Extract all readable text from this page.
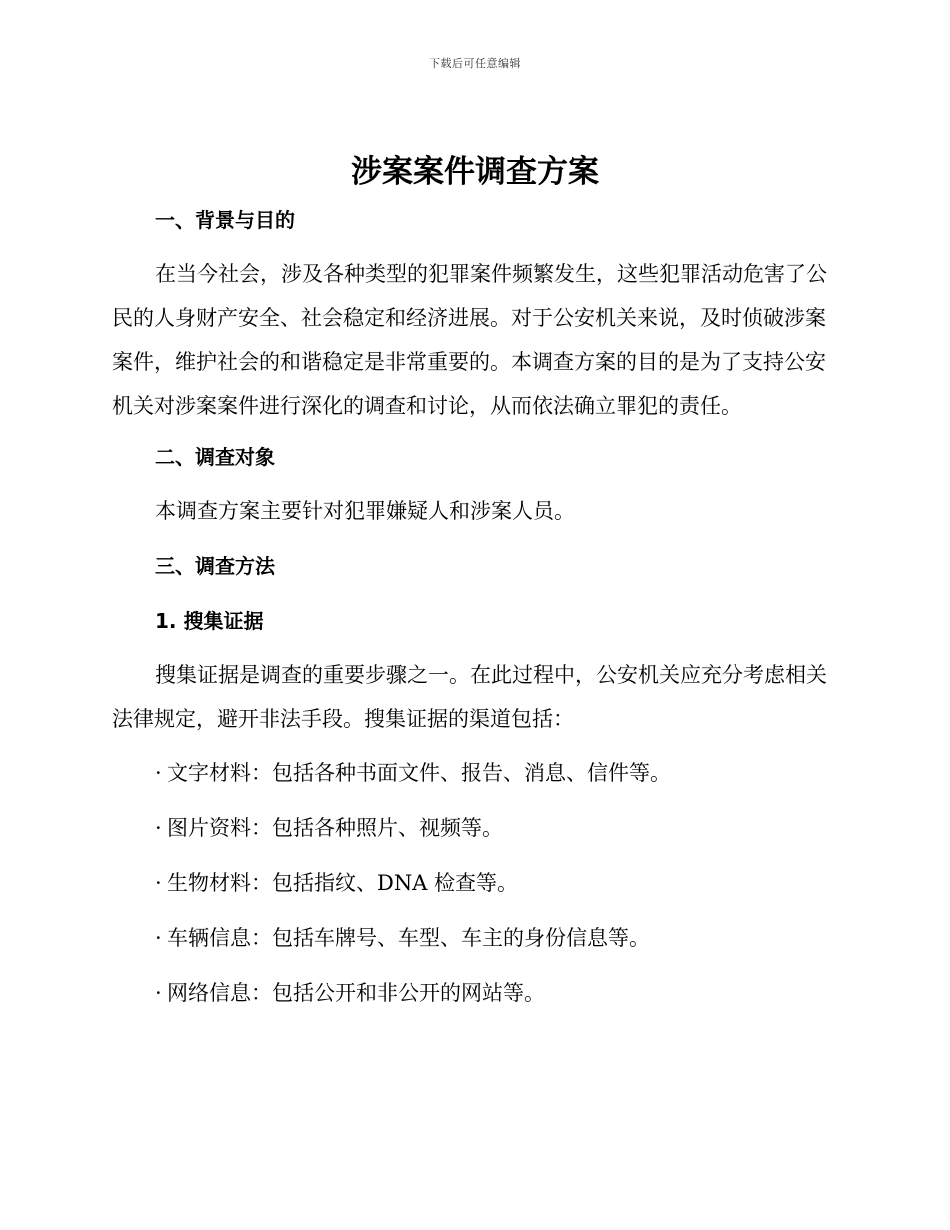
下载后可任意编辑
涉案案件调查方案
一、背景与目的

在当今社会，涉及各种类型的犯罪案件频繁发生，这些犯罪活动危害了公民的人身财产安全、社会稳定和经济进展。对于公安机关来说，及时侦破涉案案件，维护社会的和谐稳定是非常重要的。本调查方案的目的是为了支持公安机关对涉案案件进行深化的调查和讨论，从而依法确立罪犯的责任。

二、调查对象

本调查方案主要针对犯罪嫌疑人和涉案人员。

三、调查方法
1. 搜集证据

搜集证据是调查的重要步骤之一。在此过程中，公安机关应充分考虑相关法律规定，避开非法手段。搜集证据的渠道包括：

· 文字材料：包括各种书面文件、报告、消息、信件等。

· 图片资料：包括各种照片、视频等。

· 生物材料：包括指纹、DNA 检查等。

· 车辆信息：包括车牌号、车型、车主的身份信息等。

· 网络信息：包括公开和非公开的网站等。
